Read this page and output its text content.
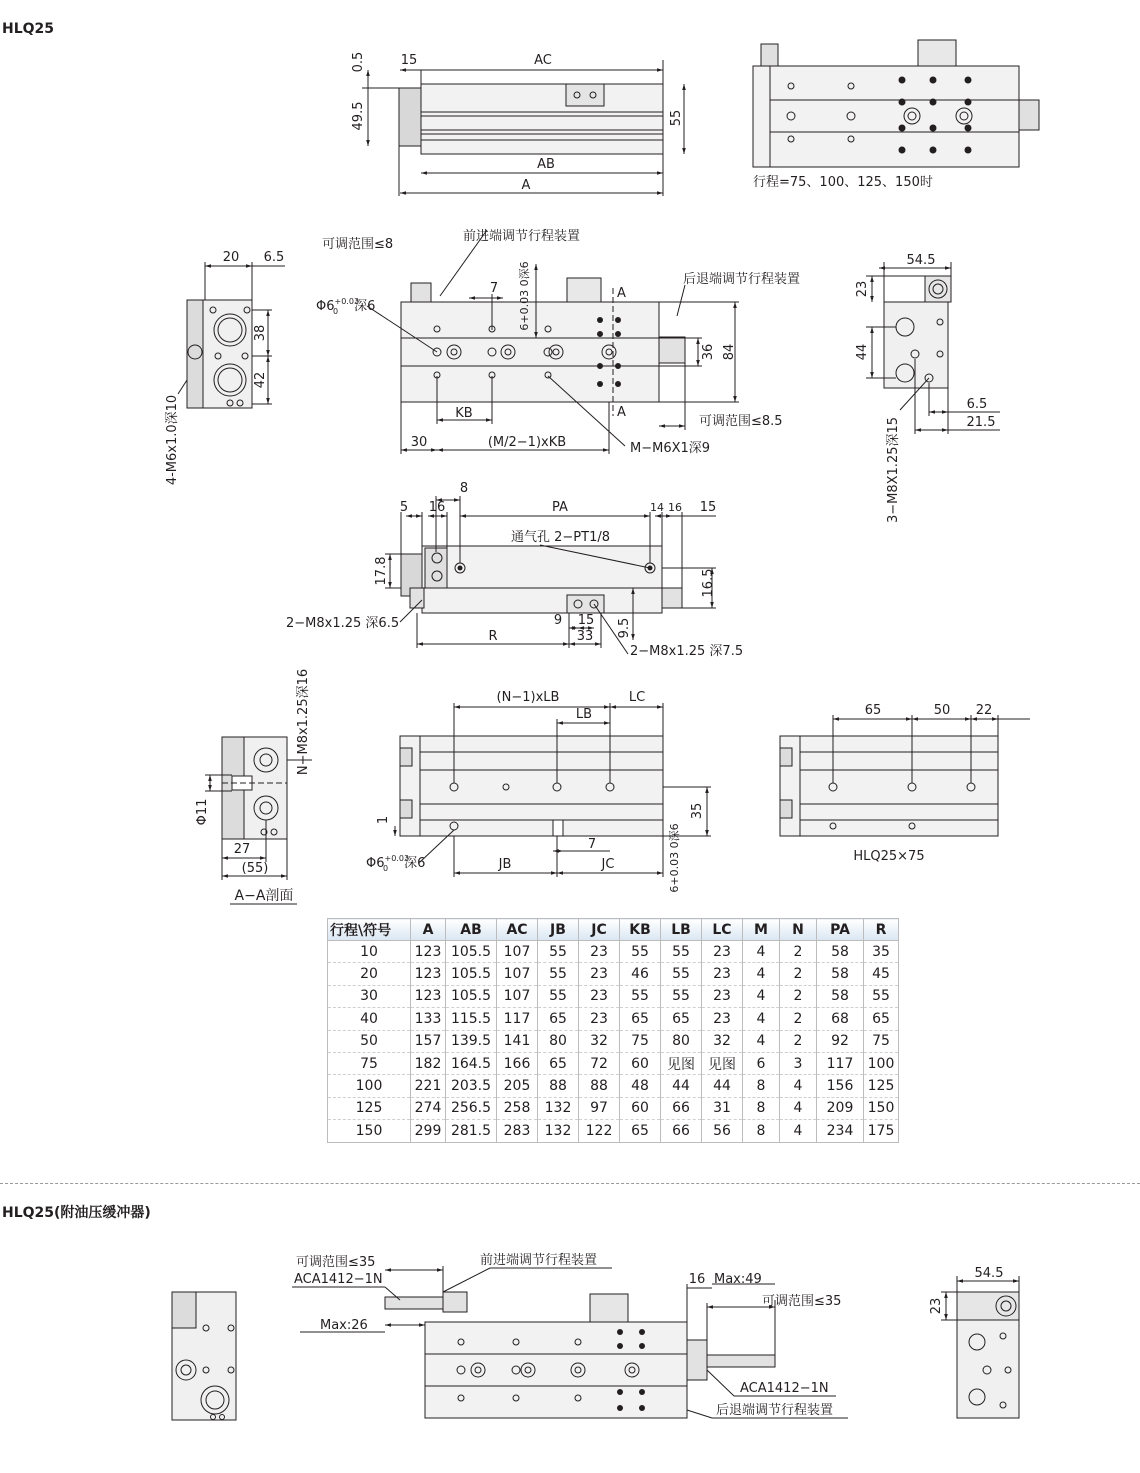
HLQ25
HLQ25(附油压缓冲器)
15	AC
0.5
49.5	55
AB
A	行程=75、100、125、150时
20 6.5
38
42
4-M6x1.0深10
可调范围≤8
前进端调节行程装置
后退端调节行程装置
$\Phi 6^{+0.03}$ 0 深6
7 6+0.03 0深6	A
A
36 84
可调范围≤8.5
KB
30	(M/2−1)xKB	M−M6X1深9
54.5
23
44
6.5
21.5
3−M8X1.25深15
5 16
8
PA	14 16 15
17.8
通气孔 2−PT1/8
16.5
2−M8x1.25 深6.5
R
9 15
33 9.5
2−M8x1.25 深7.5
N−M8x1.25深16
Φ11
27
(55)
A−A剖面
(N−1)xLB	LC
LB
35
1
7
$\Phi 6^{+0.03}$ 0 深6	JB	JC	6+0.03 0深6
65	50 22
HLQ25×75
可调范围≤35
ACA1412−1N
前进端调节行程装置
Max:26
16 Max:49
可调范围≤35
ACA1412−1N
后退端调节行程装置
54.5
23
行程\符号	A	AB	AC	JB	JC	KB	LB	LC	M	N	PA	R
10	123	105.5	107	55	23	55	55	23	4	2	58	35
20	123	105.5	107	55	23	46	55	23	4	2	58	45
30	123	105.5	107	55	23	55	55	23	4	2	58	55
40	133	115.5	117	65	23	65	65	23	4	2	68	65
50	157	139.5	141	80	32	75	80	32	4	2	92	75
75	182	164.5	166	65	72	60	见图	见图	6	3	117	100
100	221	203.5	205	88	88	48	44	44	8	4	156	125
125	274	256.5	258	132	97	60	66	31	8	4	209	150
150	299	281.5	283	132	122	65	66	56	8	4	234	175
